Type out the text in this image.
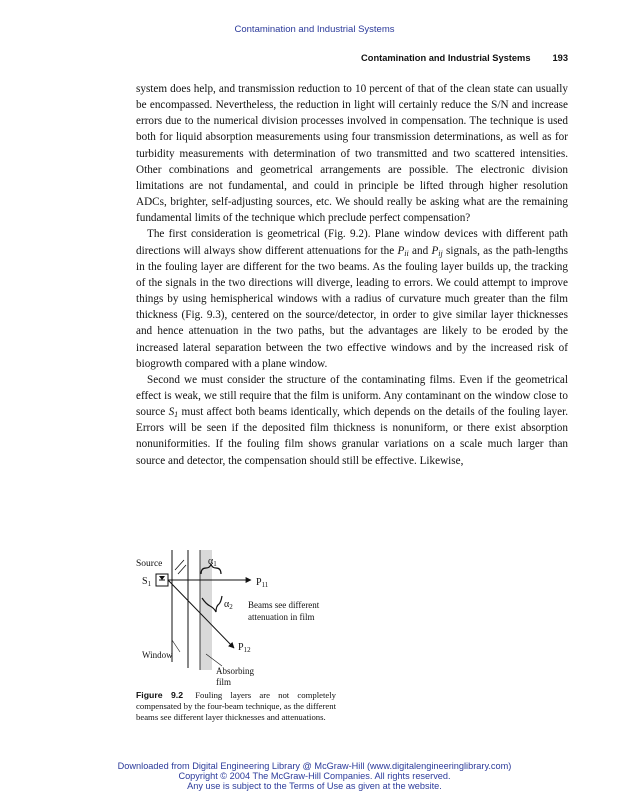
Contamination and Industrial Systems
Contamination and Industrial Systems 193

system does help, and transmission reduction to 10 percent of that of the clean state can usually be encompassed. Nevertheless, the reduction in light will certainly reduce the S/N and increase errors due to the numerical division processes involved in compensation. The technique is used both for liquid absorption measurements using four transmission determinations, as well as for turbidity measurements with determination of two transmitted and two scattered intensities. Other combinations and geometrical arrangements are possible. The electronic division limitations are not fundamental, and could in principle be lifted through higher resolution ADCs, brighter, self-adjusting sources, etc. We should really be asking what are the remaining fundamental limits of the technique which preclude perfect compensation?

The first consideration is geometrical (Fig. 9.2). Plane window devices with different path directions will always show different attenuations for the $P_{ii}$ and $P_{ij}$ signals, as the path-lengths in the fouling layer are different for the two beams. As the fouling layer builds up, the tracking of the signals in the two directions will diverge, leading to errors. We could attempt to improve things by using hemispherical windows with a radius of curvature much greater than the film thickness (Fig. 9.3), centered on the source/detector, in order to give similar layer thicknesses and hence attenuation in the two paths, but the advantages are likely to be eroded by the increased lateral separation between the two effective windows and by the increased risk of biogrowth compared with a plane window.

Second we must consider the structure of the contaminating films. Even if the geometrical effect is weak, we still require that the film is uniform. Any contaminant on the window close to source $S_1$ must affect both beams identically, which depends on the details of the fouling layer. Errors will be seen if the deposited film thickness is nonuniform, or there exist absorption nonuniformities. If the fouling film shows granular variations on a scale much larger than source and detector, the compensation should still be effective. Likewise,

Source
$S_1$
$\alpha_1$
$\alpha_2$
$P_{11}$
$P_{12}$
Beams see different
attenuation in film
Window
Absorbing
film
Figure 9.2 Fouling layers are not completely compensated by the four-beam technique, as the different beams see different layer thicknesses and attenuations.
Downloaded from Digital Engineering Library @ McGraw-Hill (www.digitalengineeringlibrary.com)
Copyright © 2004 The McGraw-Hill Companies. All rights reserved.
Any use is subject to the Terms of Use as given at the website.
